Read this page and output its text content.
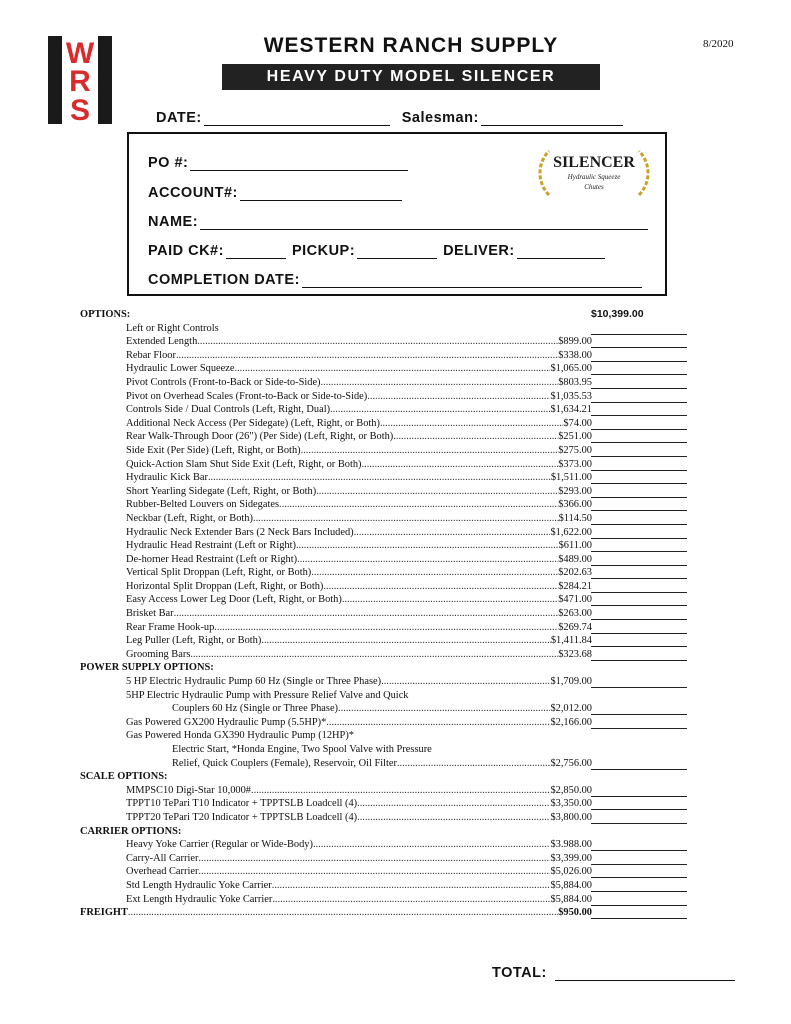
W
R
S
WESTERN RANCH SUPPLY
HEAVY DUTY MODEL SILENCER
8/2020
DATE:	Salesman:
PO #:
ACCOUNT#:
NAME:
PAID CK#:	PICKUP:	DELIVER:
COMPLETION DATE:
SILENCER
Hydraulic Squeeze
Chutes
OPTIONS:	$10,399.00
Left or Right Controls
Extended Length .....	$899.00
Rebar Floor .....	$338.00
Hydraulic Lower Squeeze .....	$1,065.00
Pivot Controls (Front-to-Back or Side-to-Side) .....	$803.95
Pivot on Overhead Scales (Front-to-Back or Side-to-Side) .....	$1,035.53
Controls Side / Dual Controls (Left, Right, Dual) .....	$1,634.21
Additional Neck Access (Per Sidegate) (Left, Right, or Both) .....	$74.00
Rear Walk-Through Door (26") (Per Side) (Left, Right, or Both) .....	$251.00
Side Exit (Per Side) (Left, Right, or Both) .....	$275.00
Quick-Action Slam Shut Side Exit (Left, Right, or Both) .....	$373.00
Hydraulic Kick Bar .....	$1,511.00
Short Yearling Sidegate (Left, Right, or Both) .....	$293.00
Rubber-Belted Louvers on Sidegates .....	$366.00
Neckbar (Left, Right, or Both) .....	$114.50
Hydraulic Neck Extender Bars (2 Neck Bars Included) .....	$1,622.00
Hydraulic Head Restraint (Left or Right) .....	$611.00
De-horner Head Restraint (Left or Right) .....	$489.00
Vertical Split Droppan (Left, Right, or Both) .....	$202.63
Horizontal Split Droppan (Left, Right, or Both) .....	$284.21
Easy Access Lower Leg Door (Left, Right, or Both) .....	$471.00
Brisket Bar .....	$263.00
Rear Frame Hook-up .....	$269.74
Leg Puller (Left, Right, or Both) .....	$1,411.84
Grooming Bars .....	$323.68
POWER SUPPLY OPTIONS:
5 HP Electric Hydraulic Pump 60 Hz (Single or Three Phase) .....	$1,709.00
5HP Electric Hydraulic Pump with Pressure Relief Valve and Quick
Couplers 60 Hz (Single or Three Phase) .....	$2,012.00
Gas Powered GX200 Hydraulic Pump (5.5HP)* .....	$2,166.00
Gas Powered Honda GX390 Hydraulic Pump (12HP)*
Electric Start, *Honda Engine, Two Spool Valve with Pressure
Relief, Quick Couplers (Female), Reservoir, Oil Filter .....	$2,756.00
SCALE OPTIONS:
MMPSC10 Digi-Star 10,000# .....	$2,850.00
TPPT10 TePari T10 Indicator + TPPTSLB Loadcell (4) .....	$3,350.00
TPPT20 TePari T20 Indicator + TPPTSLB Loadcell (4) .....	$3,800.00
CARRIER OPTIONS:
Heavy Yoke Carrier (Regular or Wide-Body) .....	$3.988.00
Carry-All Carrier .....	$3,399.00
Overhead Carrier .....	$5,026.00
Std Length Hydraulic Yoke Carrier .....	$5,884.00
Ext Length Hydraulic Yoke Carrier .....	$5,884.00
FREIGHT .....	$950.00
TOTAL:
